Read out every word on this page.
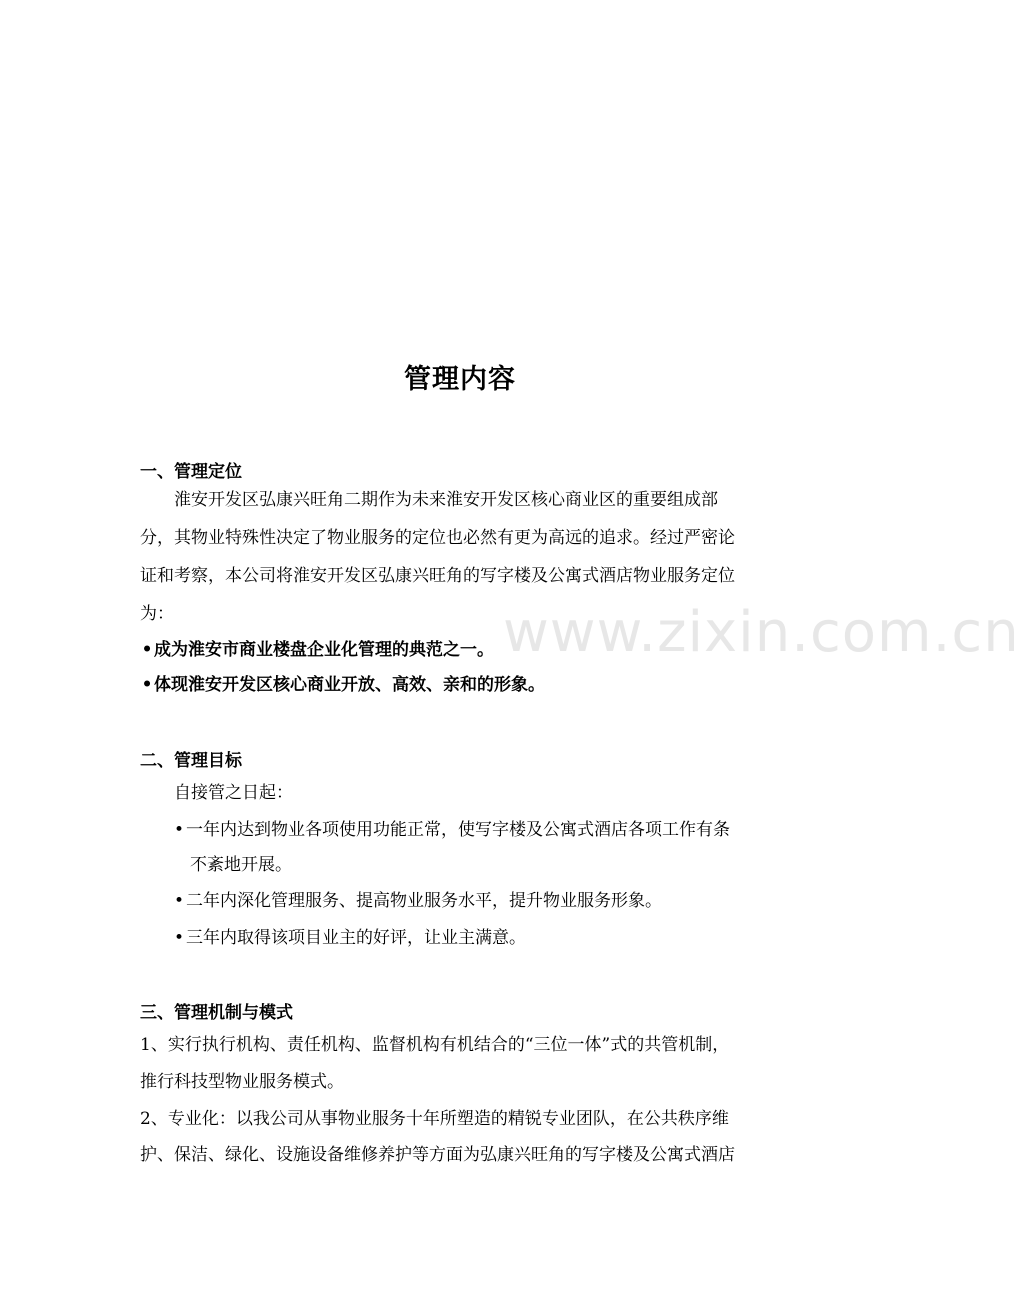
管理内容
www.zixin.com.cn
一、管理定位
淮安开发区弘康兴旺角二期作为未来淮安开发区核心商业区的重要组成部
分，其物业特殊性决定了物业服务的定位也必然有更为高远的追求。经过严密论
证和考察，本公司将淮安开发区弘康兴旺角的写字楼及公寓式酒店物业服务定位
为：
•成为淮安市商业楼盘企业化管理的典范之一。
•体现淮安开发区核心商业开放、高效、亲和的形象。
二、管理目标
自接管之日起：
• 一年内达到物业各项使用功能正常，使写字楼及公寓式酒店各项工作有条
不紊地开展。
• 二年内深化管理服务、提高物业服务水平，提升物业服务形象。
• 三年内取得该项目业主的好评，让业主满意。
三、管理机制与模式
1、实行执行机构、责任机构、监督机构有机结合的“三位一体”式的共管机制，
推行科技型物业服务模式。
2、专业化：以我公司从事物业服务十年所塑造的精锐专业团队，在公共秩序维
护、保洁、绿化、设施设备维修养护等方面为弘康兴旺角的写字楼及公寓式酒店
